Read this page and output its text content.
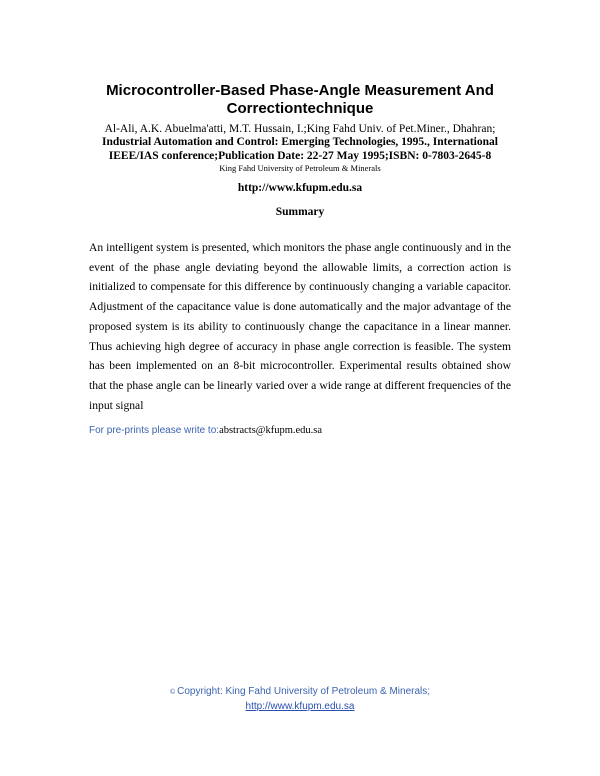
Microcontroller-Based Phase-Angle Measurement And
Correctiontechnique

Al-Ali, A.K. Abuelma'atti, M.T. Hussain, I.;King Fahd Univ. of Pet.Miner., Dhahran;

Industrial Automation and Control: Emerging Technologies, 1995., International
IEEE/IAS conference;Publication Date: 22-27 May 1995;ISBN: 0-7803-2645-8

King Fahd University of Petroleum & Minerals

http://www.kfupm.edu.sa

Summary

An intelligent system is presented, which monitors the phase angle continuously and in the event of the phase angle deviating beyond the allowable limits, a correction action is initialized to compensate for this difference by continuously changing a variable capacitor. Adjustment of the capacitance value is done automatically and the major advantage of the proposed system is its ability to continuously change the capacitance in a linear manner. Thus achieving high degree of accuracy in phase angle correction is feasible. The system has been implemented on an 8-bit microcontroller. Experimental results obtained show that the phase angle can be linearly varied over a wide range at different frequencies of the input signal

For pre-prints please write to:abstracts@kfupm.edu.sa

© Copyright: King Fahd University of Petroleum & Minerals;
http://www.kfupm.edu.sa
